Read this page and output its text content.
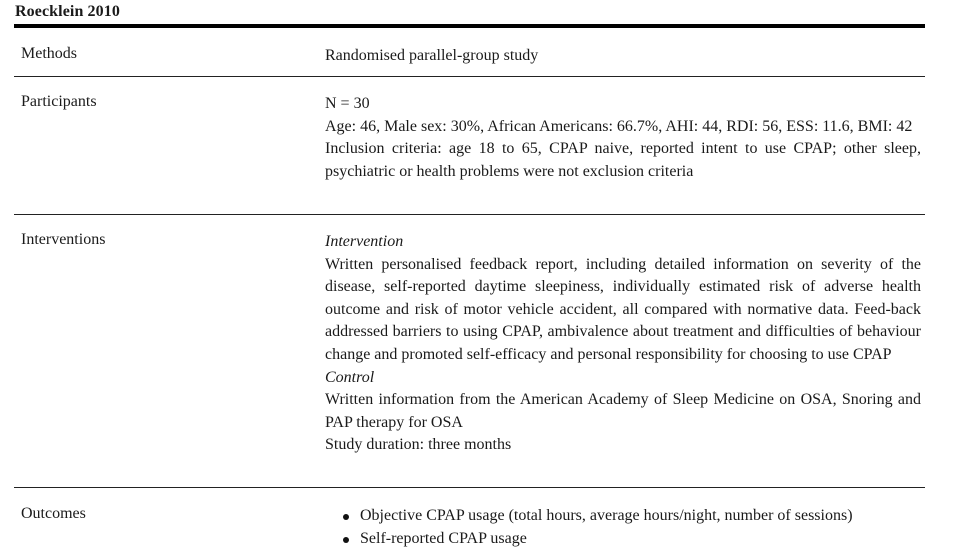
Roecklein 2010
Methods	Randomised parallel-group study
Participants	N = 30
Age: 46, Male sex: 30%, African Americans: 66.7%, AHI: 44, RDI: 56, ESS: 11.6, BMI: 42
Inclusion criteria: age 18 to 65, CPAP naive, reported intent to use CPAP; other sleep, psychiatric or health problems were not exclusion criteria
Interventions	Intervention
Written personalised feedback report, including detailed information on severity of the disease, self-reported daytime sleepiness, individually estimated risk of adverse health outcome and risk of motor vehicle accident, all compared with normative data. Feed-back addressed barriers to using CPAP, ambivalence about treatment and difficulties of behaviour change and promoted self-efficacy and personal responsibility for choosing to use CPAP
Control
Written information from the American Academy of Sleep Medicine on OSA, Snoring and PAP therapy for OSA
Study duration: three months
Outcomes	Objective CPAP usage (total hours, average hours/night, number of sessions)
Self-reported CPAP usage
